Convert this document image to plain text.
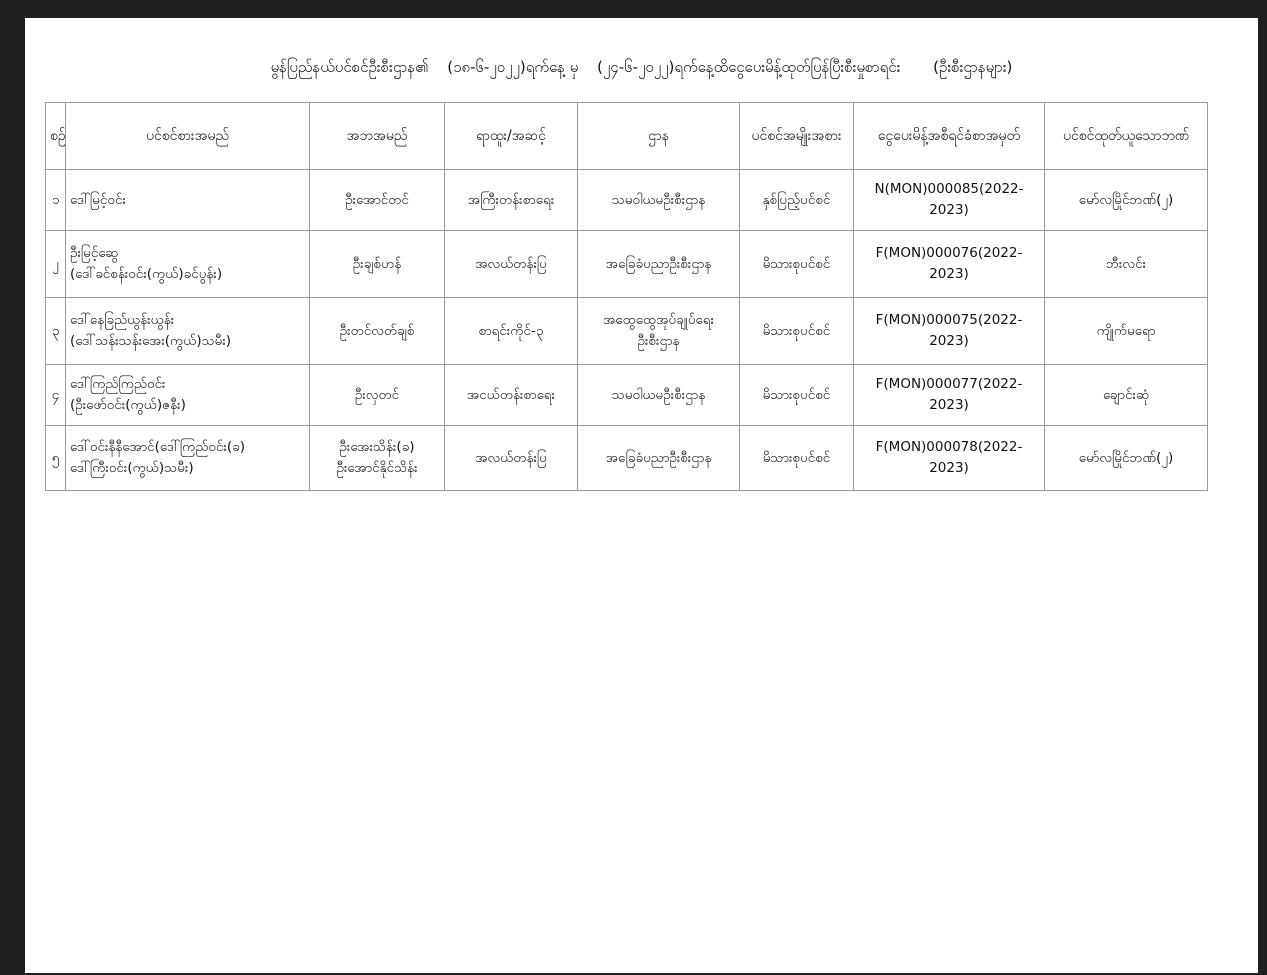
မွန်ပြည်နယ်ပင်စင်ဦးစီးဌာန၏ (၁၈-၆-၂၀၂၂)ရက်နေ့ မှ (၂၄-၆-၂၀၂၂)ရက်နေ့ထိငွေပေးမိန့်ထုတ်ပြန်ပြီးစီးမှုစာရင်း (ဦးစီးဌာနများ)
စဉ်	ပင်စင်စားအမည်	အဘအမည်	ရာထူး/အဆင့်	ဌာန	ပင်စင်အမျိုးအစား	ငွေပေးမိန့်အစီရင်ခံစာအမှတ်	ပင်စင်ထုတ်ယူသောဘဏ်
၁	ဒေါ်မြင့်ဝင်း	ဦးအောင်တင်	အကြီးတန်းစာရေး	သမဝါယမဦးစီးဌာန	နှစ်ပြည့်ပင်စင်	N(MON)000085(2022-2023)	မော်လမြိုင်ဘဏ်(၂)
၂	ဦးမြင့်ဆွေ
(ဒေါ်ခင်စန်းဝင်း(ကွယ်)ခင်ပွန်း)	ဦးချစ်ဟန်	အလယ်တန်းပြ	အခြေခံပညာဦးစီးဌာန	မိသားစုပင်စင်	F(MON)000076(2022-2023)	ဘီးလင်း
၃	ဒေါ်နေခြည်ယွန်းယွန်း
(ဒေါ်သန်းသန်းအေး(ကွယ်)သမီး)	ဦးတင်လတ်ချစ်	စာရင်းကိုင်-၃	အထွေထွေအုပ်ချုပ်ရေး
ဦးစီးဌာန	မိသားစုပင်စင်	F(MON)000075(2022-2023)	ကျိုက်မရော
၄	ဒေါ်ကြည်ကြည်ဝင်း
(ဦးဖော်ဝင်း(ကွယ်)ဇနီး)	ဦးလှတင်	အငယ်တန်းစာရေး	သမဝါယမဦးစီးဌာန	မိသားစုပင်စင်	F(MON)000077(2022-2023)	ချောင်းဆုံ
၅	ဒေါ်ဝင်းနီနီအောင်(ဒေါ်ကြည်ဝင်း(ခ)
ဒေါ်ကြီးဝင်း(ကွယ်)သမီး)	ဦးအေးသိန်း(ခ)
ဦးအောင်နိုင်သိန်း	အလယ်တန်းပြ	အခြေခံပညာဦးစီးဌာန	မိသားစုပင်စင်	F(MON)000078(2022-2023)	မော်လမြိုင်ဘဏ်(၂)
